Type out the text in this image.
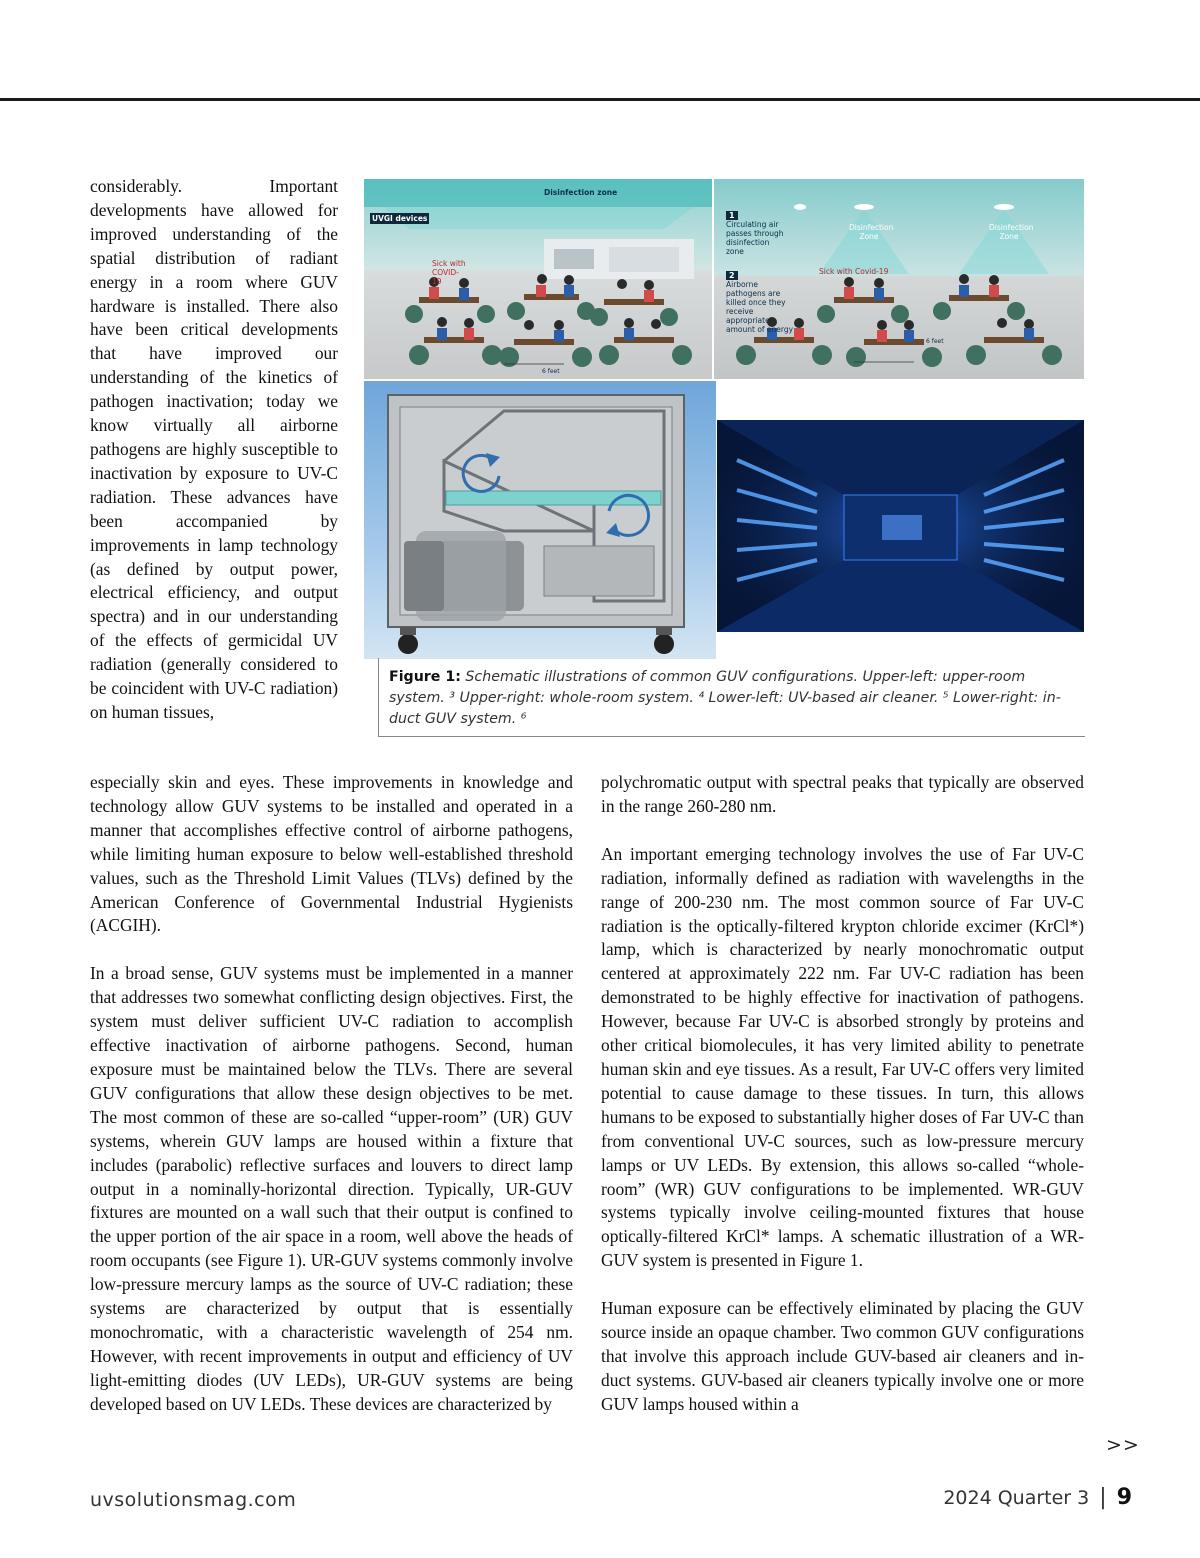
considerably. Important developments have allowed for improved understanding of the spatial distribution of radiant energy in a room where GUV hardware is installed. There also have been critical developments that have improved our understanding of the kinetics of pathogen inactivation; today we know virtually all airborne pathogens are highly susceptible to inactivation by exposure to UV-C radiation. These advances have been accompanied by improvements in lamp technology (as defined by output power, electrical efficiency, and output spectra) and in our understanding of the effects of germicidal UV radiation (generally considered to be coincident with UV-C radiation) on human tissues,

Disinfection zone
UVGI devices
Sick with COVID-19
6 feet
1
Circulating air passes through disinfection zone
2
Airborne pathogens are killed once they receive appropriate amount of energy
Disinfection Zone
Disinfection Zone
Sick with Covid-19
6 feet

Figure 1: Schematic illustrations of common GUV configurations. Upper-left: upper-room system. ³ Upper-right: whole-room system. ⁴ Lower-left: UV-based air cleaner. ⁵ Lower-right: in-duct GUV system. ⁶

especially skin and eyes. These improvements in knowledge and technology allow GUV systems to be installed and operated in a manner that accomplishes effective control of airborne pathogens, while limiting human exposure to below well-established threshold values, such as the Threshold Limit Values (TLVs) defined by the American Conference of Governmental Industrial Hygienists (ACGIH).

In a broad sense, GUV systems must be implemented in a manner that addresses two somewhat conflicting design objectives. First, the system must deliver sufficient UV-C radiation to accomplish effective inactivation of airborne pathogens. Second, human exposure must be maintained below the TLVs. There are several GUV configurations that allow these design objectives to be met. The most common of these are so-called “upper-room” (UR) GUV systems, wherein GUV lamps are housed within a fixture that includes (parabolic) reflective surfaces and louvers to direct lamp output in a nominally-horizontal direction. Typically, UR-GUV fixtures are mounted on a wall such that their output is confined to the upper portion of the air space in a room, well above the heads of room occupants (see Figure 1). UR-GUV systems commonly involve low-pressure mercury lamps as the source of UV-C radiation; these systems are characterized by output that is essentially monochromatic, with a characteristic wavelength of 254 nm. However, with recent improvements in output and efficiency of UV light-emitting diodes (UV LEDs), UR-GUV systems are being developed based on UV LEDs. These devices are characterized by

polychromatic output with spectral peaks that typically are observed in the range 260-280 nm.

An important emerging technology involves the use of Far UV-C radiation, informally defined as radiation with wavelengths in the range of 200-230 nm. The most common source of Far UV-C radiation is the optically-filtered krypton chloride excimer (KrCl*) lamp, which is characterized by nearly monochromatic output centered at approximately 222 nm. Far UV-C radiation has been demonstrated to be highly effective for inactivation of pathogens. However, because Far UV-C is absorbed strongly by proteins and other critical biomolecules, it has very limited ability to penetrate human skin and eye tissues. As a result, Far UV-C offers very limited potential to cause damage to these tissues. In turn, this allows humans to be exposed to substantially higher doses of Far UV-C than from conventional UV-C sources, such as low-pressure mercury lamps or UV LEDs. By extension, this allows so-called “whole-room” (WR) GUV configurations to be implemented. WR-GUV systems typically involve ceiling-mounted fixtures that house optically-filtered KrCl* lamps. A schematic illustration of a WR-GUV system is presented in Figure 1.

Human exposure can be effectively eliminated by placing the GUV source inside an opaque chamber. Two common GUV configurations that involve this approach include GUV-based air cleaners and in-duct systems. GUV-based air cleaners typically involve one or more GUV lamps housed within a

>>
uvsolutionsmag.com	2024 Quarter 3 | 9
